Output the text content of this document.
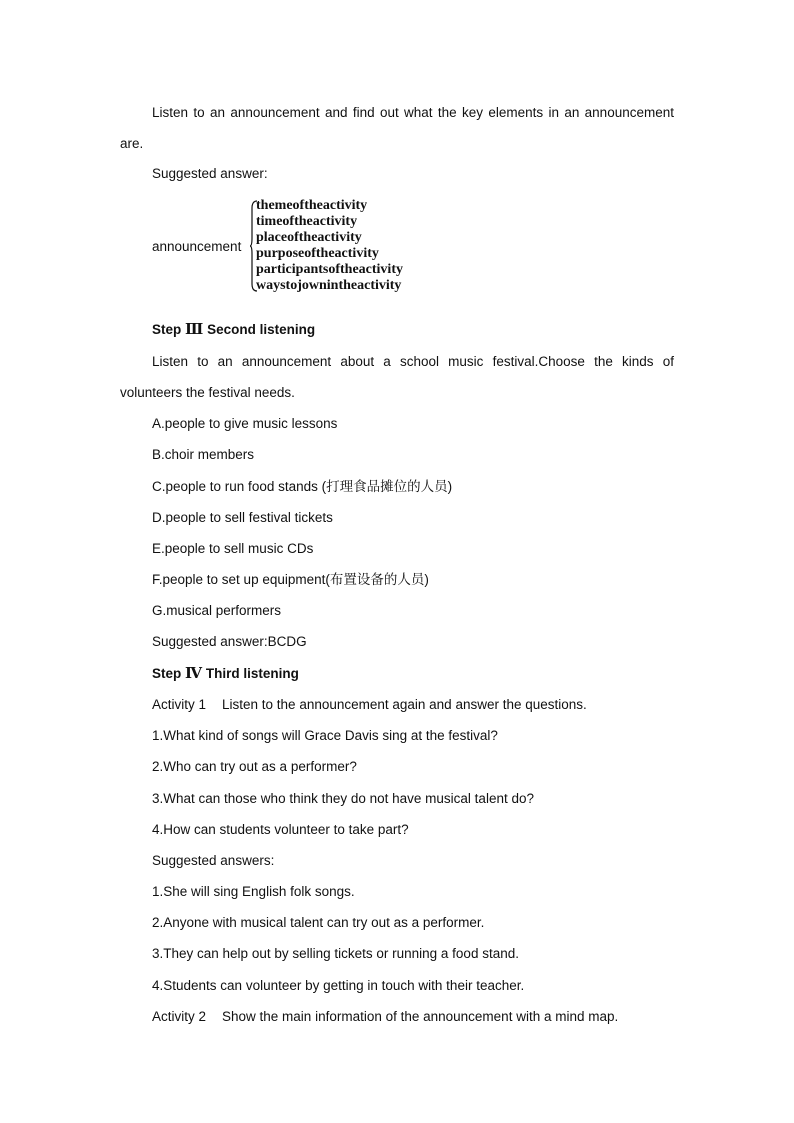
Listen to an announcement and find out what the key elements in an announcement are.

Suggested answer:

announcement
themeoftheactivity
timeoftheactivity
placeoftheactivity
purposeoftheactivity
participantsoftheactivity
waystojownintheactivity

Step Ⅲ Second listening

Listen to an announcement about a school music festival.Choose the kinds of volunteers the festival needs.

A.people to give music lessons

B.choir members

C.people to run food stands (打理食品摊位的人员)

D.people to sell festival tickets

E.people to sell music CDs

F.people to set up equipment(布置设备的人员)

G.musical performers

Suggested answer:BCDG

Step Ⅳ Third listening

Activity 1 Listen to the announcement again and answer the questions.

1.What kind of songs will Grace Davis sing at the festival?

2.Who can try out as a performer?

3.What can those who think they do not have musical talent do?

4.How can students volunteer to take part?

Suggested answers:

1.She will sing English folk songs.

2.Anyone with musical talent can try out as a performer.

3.They can help out by selling tickets or running a food stand.

4.Students can volunteer by getting in touch with their teacher.

Activity 2 Show the main information of the announcement with a mind map.
